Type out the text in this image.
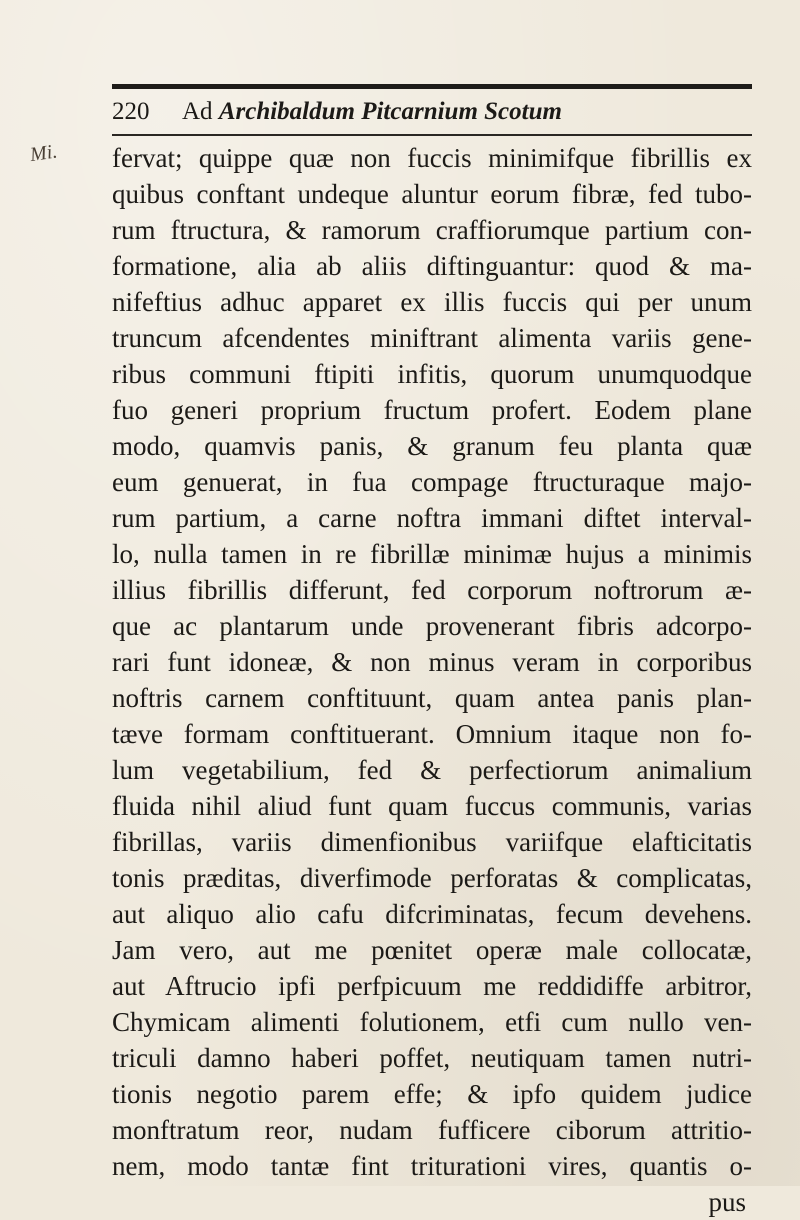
220 Ad Archibaldum Pitcarnium Scotum
Mi.	fervat; quippe quæ non fuccis minimifque fibrillis ex
quibus conftant undeque aluntur eorum fibræ, fed tubo-
rum ftructura, & ramorum craffiorumque partium con-
formatione, alia ab aliis diftinguantur: quod & ma-
nifeftius adhuc apparet ex illis fuccis qui per unum
truncum afcendentes miniftrant alimenta variis gene-
ribus communi ftipiti infitis, quorum unumquodque
fuo generi proprium fructum profert. Eodem plane
modo, quamvis panis, & granum feu planta quæ
eum genuerat, in fua compage ftructuraque majo-
rum partium, a carne noftra immani diftet interval-
lo, nulla tamen in re fibrillæ minimæ hujus a minimis
illius fibrillis differunt, fed corporum noftrorum æ-
que ac plantarum unde provenerant fibris adcorpo-
rari funt idoneæ, & non minus veram in corporibus
noftris carnem conftituunt, quam antea panis plan-
tæve formam conftituerant. Omnium itaque non fo-
lum vegetabilium, fed & perfectiorum animalium
fluida nihil aliud funt quam fuccus communis, varias
fibrillas, variis dimenfionibus variifque elafticitatis
tonis præditas, diverfimode perforatas & complicatas,
aut aliquo alio cafu difcriminatas, fecum devehens.
Jam vero, aut me pœnitet operæ male collocatæ,
aut Aftrucio ipfi perfpicuum me reddidiffe arbitror,
Chymicam alimenti folutionem, etfi cum nullo ven-
triculi damno haberi poffet, neutiquam tamen nutri-
tionis negotio parem effe; & ipfo quidem judice
monftratum reor, nudam fufficere ciborum attritio-
nem, modo tantæ fint triturationi vires, quantis o-
pus
